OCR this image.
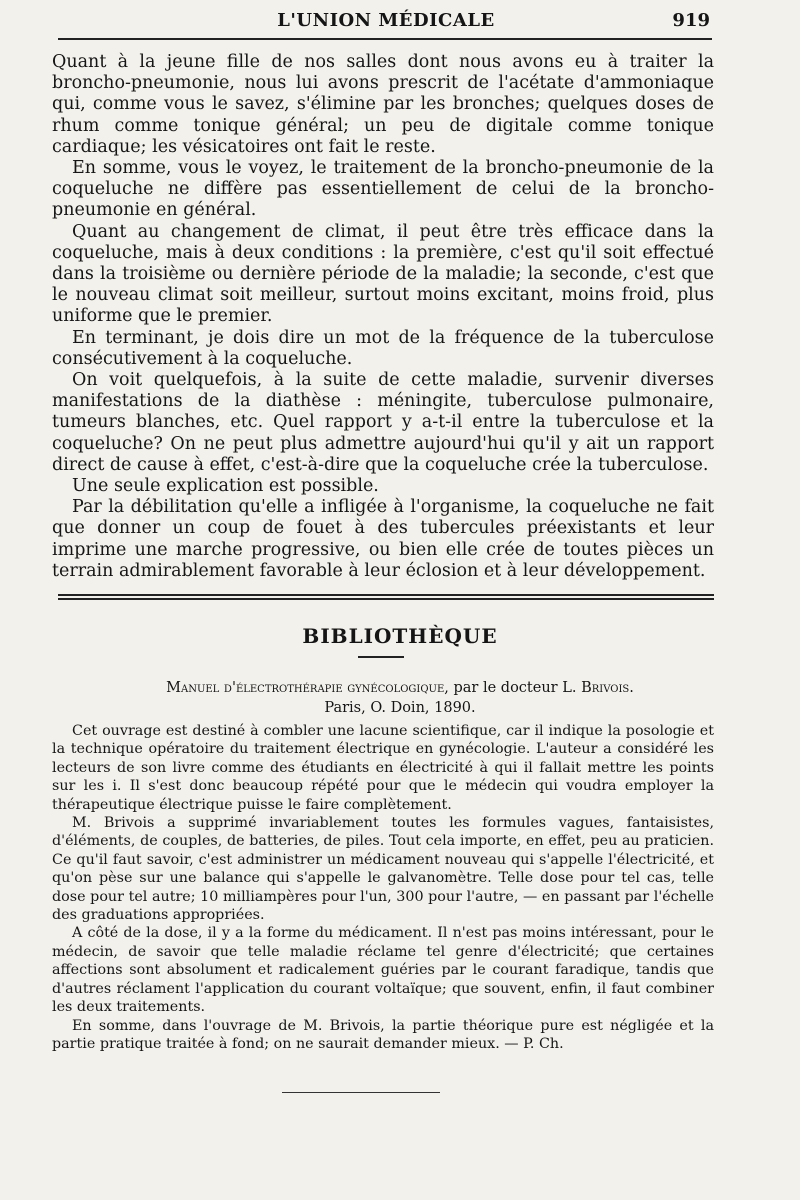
L'UNION MÉDICALE	919

Quant à la jeune fille de nos salles dont nous avons eu à traiter la broncho-pneumonie, nous lui avons prescrit de l'acétate d'ammoniaque qui, comme vous le savez, s'élimine par les bronches; quelques doses de rhum comme tonique général; un peu de digitale comme tonique cardiaque; les vésicatoires ont fait le reste.

En somme, vous le voyez, le traitement de la broncho-pneumonie de la coqueluche ne diffère pas essentiellement de celui de la broncho-pneumonie en général.

Quant au changement de climat, il peut être très efficace dans la coqueluche, mais à deux conditions : la première, c'est qu'il soit effectué dans la troisième ou dernière période de la maladie; la seconde, c'est que le nouveau climat soit meilleur, surtout moins excitant, moins froid, plus uniforme que le premier.

En terminant, je dois dire un mot de la fréquence de la tuberculose consécutivement à la coqueluche.

On voit quelquefois, à la suite de cette maladie, survenir diverses manifestations de la diathèse : méningite, tuberculose pulmonaire, tumeurs blanches, etc. Quel rapport y a-t-il entre la tuberculose et la coqueluche? On ne peut plus admettre aujourd'hui qu'il y ait un rapport direct de cause à effet, c'est-à-dire que la coqueluche crée la tuberculose.

Une seule explication est possible.

Par la débilitation qu'elle a infligée à l'organisme, la coqueluche ne fait que donner un coup de fouet à des tubercules préexistants et leur imprime une marche progressive, ou bien elle crée de toutes pièces un terrain admirablement favorable à leur éclosion et à leur développement.

BIBLIOTHÈQUE
Manuel d'électrothérapie gynécologique, par le docteur L. Brivois.
Paris, O. Doin, 1890.

Cet ouvrage est destiné à combler une lacune scientifique, car il indique la posologie et la technique opératoire du traitement électrique en gynécologie. L'auteur a considéré les lecteurs de son livre comme des étudiants en électricité à qui il fallait mettre les points sur les i. Il s'est donc beaucoup répété pour que le médecin qui voudra employer la thérapeutique électrique puisse le faire complètement.

M. Brivois a supprimé invariablement toutes les formules vagues, fantaisistes, d'éléments, de couples, de batteries, de piles. Tout cela importe, en effet, peu au praticien. Ce qu'il faut savoir, c'est administrer un médicament nouveau qui s'appelle l'électricité, et qu'on pèse sur une balance qui s'appelle le galvanomètre. Telle dose pour tel cas, telle dose pour tel autre; 10 milliampères pour l'un, 300 pour l'autre, — en passant par l'échelle des graduations appropriées.

A côté de la dose, il y a la forme du médicament. Il n'est pas moins intéressant, pour le médecin, de savoir que telle maladie réclame tel genre d'électricité; que certaines affections sont absolument et radicalement guéries par le courant faradique, tandis que d'autres réclament l'application du courant voltaïque; que souvent, enfin, il faut combiner les deux traitements.

En somme, dans l'ouvrage de M. Brivois, la partie théorique pure est négligée et la partie pratique traitée à fond; on ne saurait demander mieux. — P. Ch.
